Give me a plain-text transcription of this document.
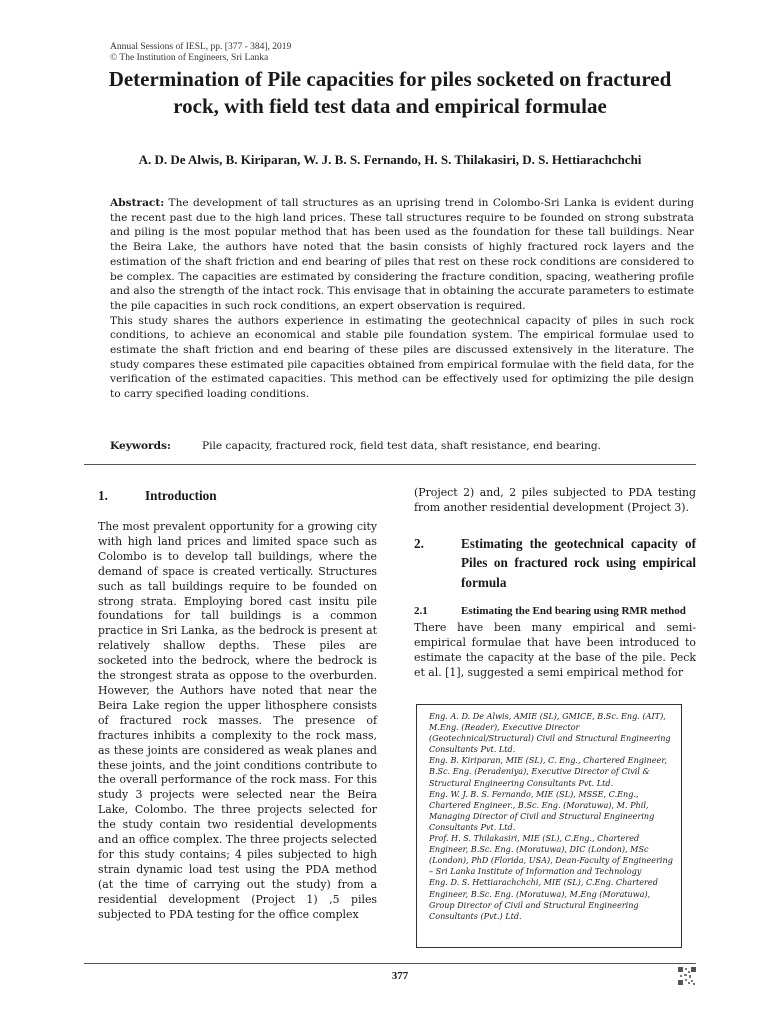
Annual Sessions of IESL, pp. [377 - 384], 2019
© The Institution of Engineers, Sri Lanka
Determination of Pile capacities for piles socketed on fractured rock, with field test data and empirical formulae
A. D. De Alwis, B. Kiriparan, W. J. B. S. Fernando, H. S. Thilakasiri, D. S. Hettiarachchchi

Abstract: The development of tall structures as an uprising trend in Colombo-Sri Lanka is evident during the recent past due to the high land prices. These tall structures require to be founded on strong substrata and piling is the most popular method that has been used as the foundation for these tall buildings. Near the Beira Lake, the authors have noted that the basin consists of highly fractured rock layers and the estimation of the shaft friction and end bearing of piles that rest on these rock conditions are considered to be complex. The capacities are estimated by considering the fracture condition, spacing, weathering profile and also the strength of the intact rock. This envisage that in obtaining the accurate parameters to estimate the pile capacities in such rock conditions, an expert observation is required.

This study shares the authors experience in estimating the geotechnical capacity of piles in such rock conditions, to achieve an economical and stable pile foundation system. The empirical formulae used to estimate the shaft friction and end bearing of these piles are discussed extensively in the literature. The study compares these estimated pile capacities obtained from empirical formulae with the field data, for the verification of the estimated capacities. This method can be effectively used for optimizing the pile design to carry specified loading conditions.

Keywords:	Pile capacity, fractured rock, field test data, shaft resistance, end bearing.
1.	Introduction

The most prevalent opportunity for a growing city with high land prices and limited space such as Colombo is to develop tall buildings, where the demand of space is created vertically. Structures such as tall buildings require to be founded on strong strata. Employing bored cast insitu pile foundations for tall buildings is a common practice in Sri Lanka, as the bedrock is present at relatively shallow depths. These piles are socketed into the bedrock, where the bedrock is the strongest strata as oppose to the overburden. However, the Authors have noted that near the Beira Lake region the upper lithosphere consists of fractured rock masses. The presence of fractures inhibits a complexity to the rock mass, as these joints are considered as weak planes and these joints, and the joint conditions contribute to the overall performance of the rock mass. For this study 3 projects were selected near the Beira Lake, Colombo. The three projects selected for the study contain two residential developments and an office complex. The three projects selected for this study contains; 4 piles subjected to high strain dynamic load test using the PDA method (at the time of carrying out the study) from a residential development (Project 1) ,5 piles subjected to PDA testing for the office complex

(Project 2) and, 2 piles subjected to PDA testing from another residential development (Project 3).

2.	Estimating the geotechnical capacity of Piles on fractured rock using empirical formula
2.1	Estimating the End bearing using RMR method

There have been many empirical and semi-empirical formulae that have been introduced to estimate the capacity at the base of the pile. Peck et al. [1], suggested a semi empirical method for

Eng. A. D. De Alwis, AMIE (SL), GMICE, B.Sc. Eng. (AIT), M.Eng. (Reader), Executive Director (Geotechnical/Structural) Civil and Structural Engineering Consultants Pvt. Ltd.

Eng. B. Kiriparan, MIE (SL), C. Eng., Chartered Engineer, B.Sc. Eng. (Peradeniya), Executive Director of Civil & Structural Engineering Consultants Pvt. Ltd.

Eng. W. J. B. S. Fernando, MIE (SL), MSSE, C.Eng., Chartered Engineer., B.Sc. Eng. (Moratuwa), M. Phil, Managing Director of Civil and Structural Engineering Consultants Pvt. Ltd.

Prof. H. S. Thilakasiri, MIE (SL), C.Eng., Chartered Engineer, B.Sc. Eng. (Moratuwa), DIC (London), MSc (London), PhD (Florida, USA), Dean-Faculty of Engineering – Sri Lanka Institute of Information and Technology

Eng. D. S. Hettiarachchchi, MIE (SL), C.Eng. Chartered Engineer, B.Sc. Eng. (Moratuwa), M.Eng (Moratuwa), Group Director of Civil and Structural Engineering Consultants (Pvt.) Ltd.

377
